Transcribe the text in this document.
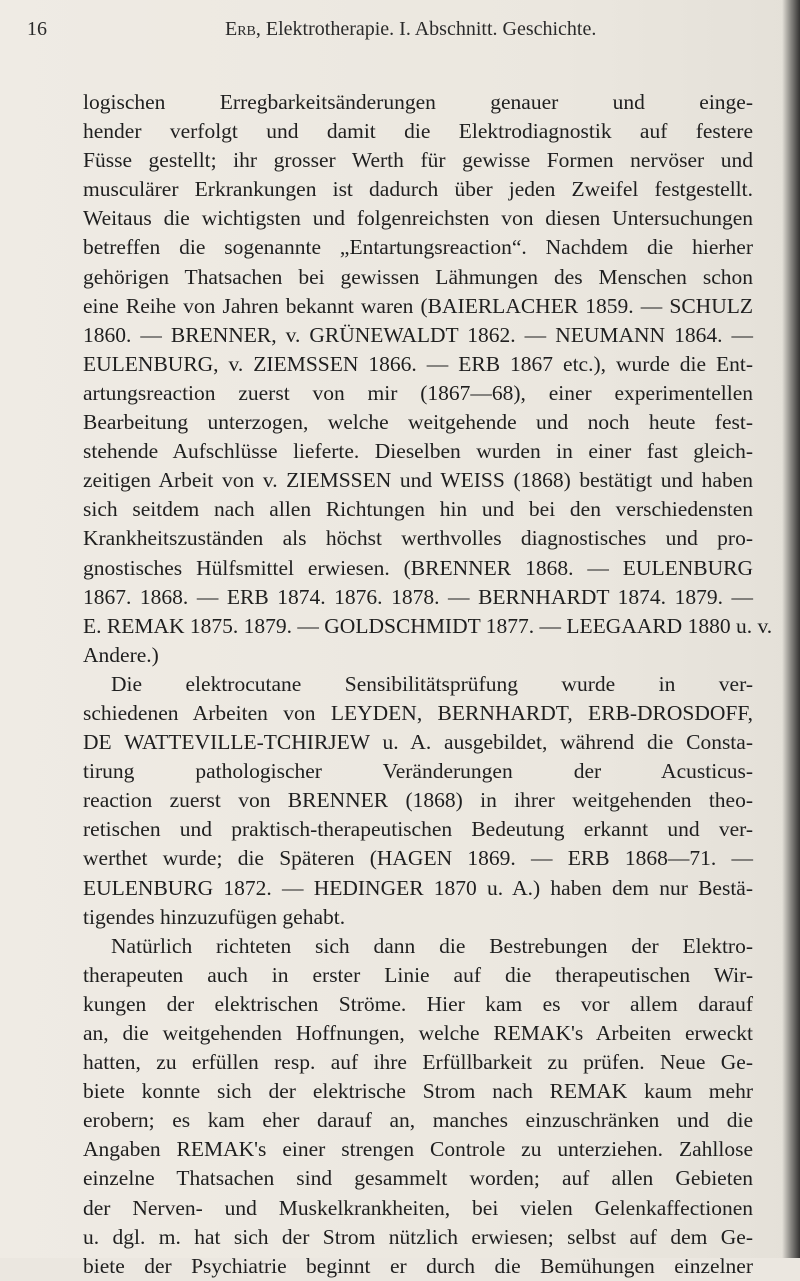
16	Erb, Elektrotherapie. I. Abschnitt. Geschichte.
logischen Erregbarkeitsänderungen genauer und einge-
hender verfolgt und damit die Elektrodiagnostik auf festere
Füsse gestellt; ihr grosser Werth für gewisse Formen nervöser und
musculärer Erkrankungen ist dadurch über jeden Zweifel festgestellt.
Weitaus die wichtigsten und folgenreichsten von diesen Untersuchungen
betreffen die sogenannte „Entartungsreaction“. Nachdem die hierher
gehörigen Thatsachen bei gewissen Lähmungen des Menschen schon
eine Reihe von Jahren bekannt waren (BAIERLACHER 1859. — SCHULZ
1860. — BRENNER, v. GRÜNEWALDT 1862. — NEUMANN 1864. —
EULENBURG, v. ZIEMSSEN 1866. — ERB 1867 etc.), wurde die Ent-
artungsreaction zuerst von mir (1867—68), einer experimentellen
Bearbeitung unterzogen, welche weitgehende und noch heute fest-
stehende Aufschlüsse lieferte. Dieselben wurden in einer fast gleich-
zeitigen Arbeit von v. ZIEMSSEN und WEISS (1868) bestätigt und haben
sich seitdem nach allen Richtungen hin und bei den verschiedensten
Krankheitszuständen als höchst werthvolles diagnostisches und pro-
gnostisches Hülfsmittel erwiesen. (BRENNER 1868. — EULENBURG
1867. 1868. — ERB 1874. 1876. 1878. — BERNHARDT 1874. 1879. —
E. REMAK 1875. 1879. — GOLDSCHMIDT 1877. — LEEGAARD 1880 u. v.
Andere.)
Die elektrocutane Sensibilitätsprüfung wurde in ver-
schiedenen Arbeiten von LEYDEN, BERNHARDT, ERB-DROSDOFF,
DE WATTEVILLE-TCHIRJEW u. A. ausgebildet, während die Consta-
tirung pathologischer Veränderungen der Acusticus-
reaction zuerst von BRENNER (1868) in ihrer weitgehenden theo-
retischen und praktisch-therapeutischen Bedeutung erkannt und ver-
werthet wurde; die Späteren (HAGEN 1869. — ERB 1868—71. —
EULENBURG 1872. — HEDINGER 1870 u. A.) haben dem nur Bestä-
tigendes hinzuzufügen gehabt.
Natürlich richteten sich dann die Bestrebungen der Elektro-
therapeuten auch in erster Linie auf die therapeutischen Wir-
kungen der elektrischen Ströme. Hier kam es vor allem darauf
an, die weitgehenden Hoffnungen, welche REMAK's Arbeiten erweckt
hatten, zu erfüllen resp. auf ihre Erfüllbarkeit zu prüfen. Neue Ge-
biete konnte sich der elektrische Strom nach REMAK kaum mehr
erobern; es kam eher darauf an, manches einzuschränken und die
Angaben REMAK's einer strengen Controle zu unterziehen. Zahllose
einzelne Thatsachen sind gesammelt worden; auf allen Gebieten
der Nerven- und Muskelkrankheiten, bei vielen Gelenkaffectionen
u. dgl. m. hat sich der Strom nützlich erwiesen; selbst auf dem Ge-
biete der Psychiatrie beginnt er durch die Bemühungen einzelner
